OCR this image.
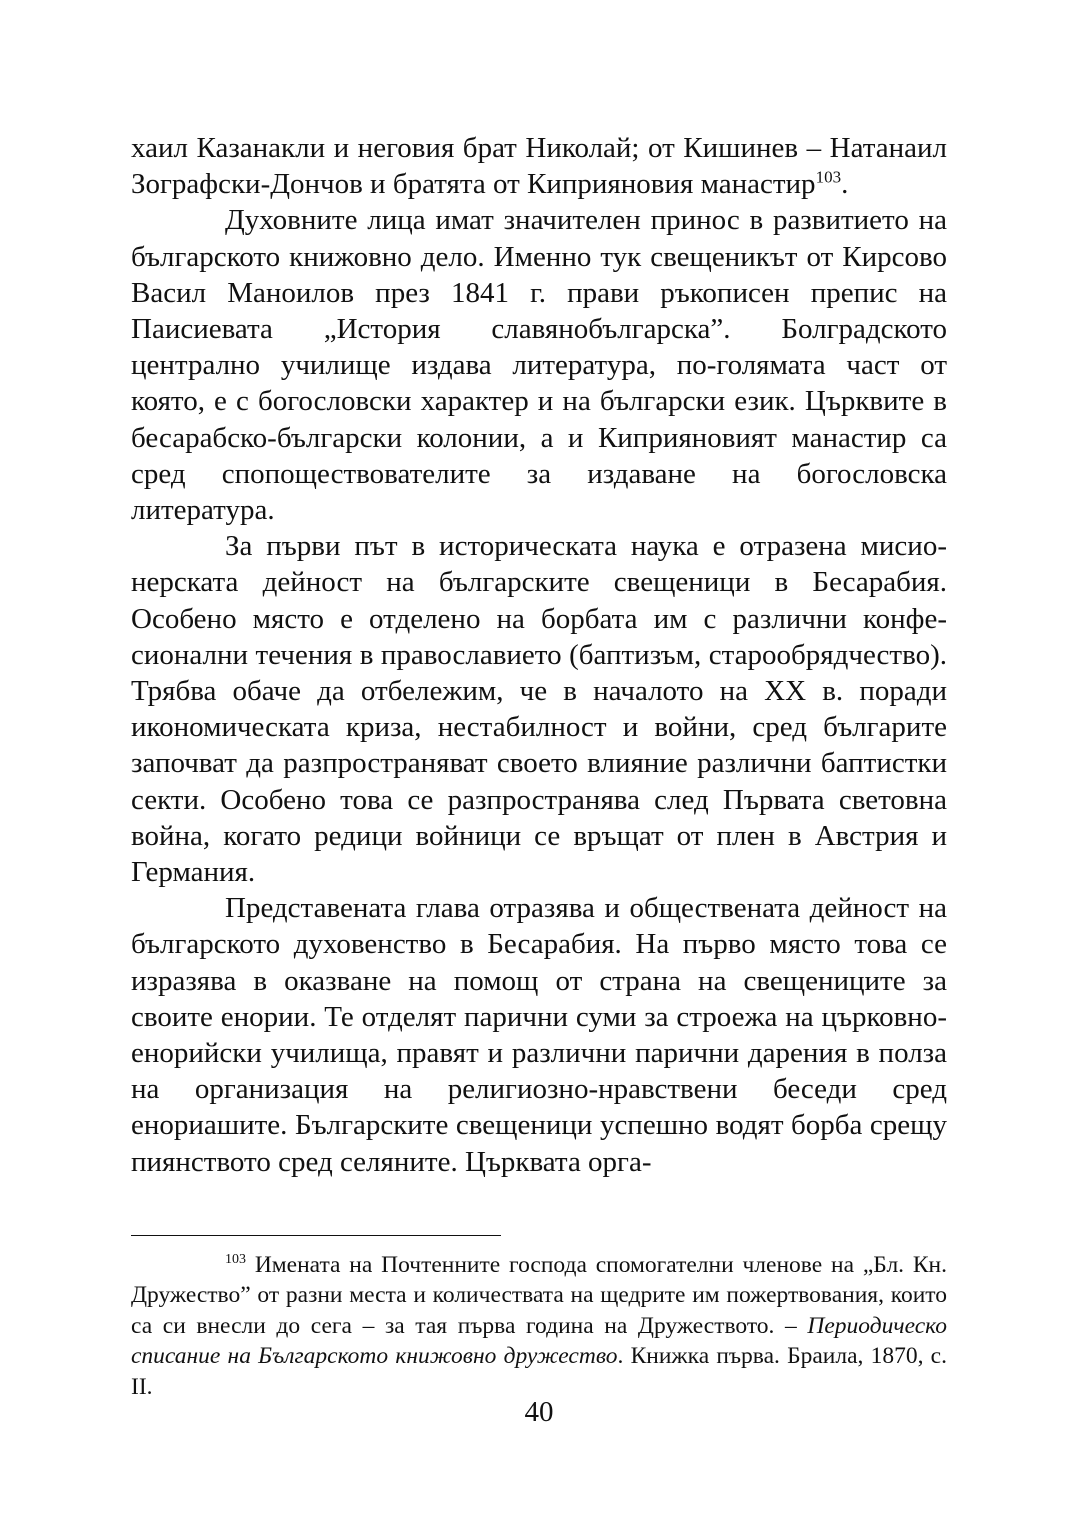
хаил Казанакли и неговия брат Николай; от Кишинев – Натанаил Зографски-Дончов и братята от Киприяновия манастир$^{103}$.

Духовните лица имат значителен принос в развитието на българското книжовно дело. Именно тук свещеникът от Кирсово Васил Маноилов през 1841 г. прави ръкописен препис на Паисиевата „История славянобългарска”. Болградското централно училище издава литература, по-голямата част от която, е с богословски характер и на български език. Църквите в бесарабско-български колонии, а и Киприяновият манастир са сред спопоществователите за издаване на богословска литература.

За първи път в историческата наука е отразена мисионерската дейност на българските свещеници в Бесарабия. Особено място е отделено на борбата им с различни конфесионални течения в православието (баптизъм, старообрядчество). Трябва обаче да отбележим, че в началото на XX в. поради икономическата криза, нестабилност и войни, сред българите започват да разпространяват своето влияние различни баптистки секти. Особено това се разпространява след Първата световна война, когато редици войници се връщат от плен в Австрия и Германия.

Представената глава отразява и обществената дейност на българското духовенство в Бесарабия. На първо място това се изразява в оказване на помощ от страна на свещениците за своите енории. Те отделят парични суми за строежа на църковно-енорийски училища, правят и различни парични дарения в полза на организация на религиозно-нравствени беседи сред енориашите. Българските свещеници успешно водят борба срещу пиянството сред селяните. Църквата орга-

$^{103}$ Имената на Почтенните господа спомогателни членове на „Бл. Кн. Дружество” от разни места и количествата на щедрите им пожертвования, които са си внесли до сега – за тая първа година на Дружеството. – Периодическо списание на Българското книжовно дружество. Книжка първа. Браила, 1870, с. II.

40
